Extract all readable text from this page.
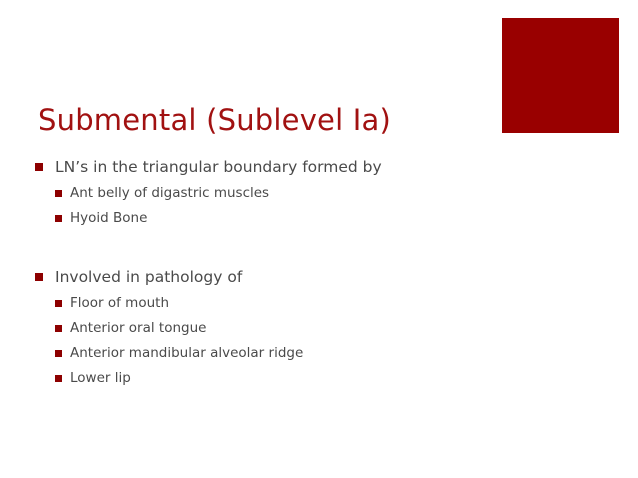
Submental (Sublevel Ia)
LN’s in the triangular boundary formed by
Ant belly of digastric muscles
Hyoid Bone
Involved in pathology of
Floor of mouth
Anterior oral tongue
Anterior mandibular alveolar ridge
Lower lip
